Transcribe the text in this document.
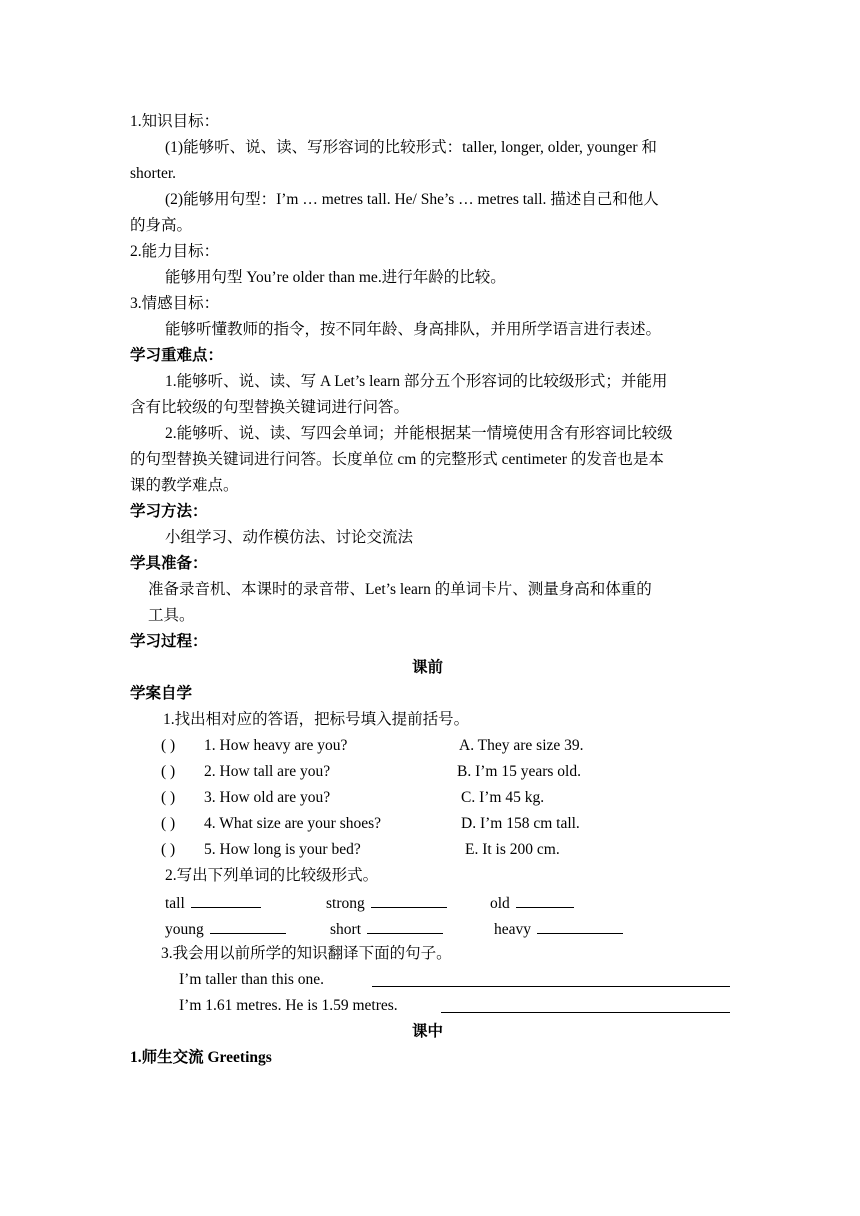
1.知识目标：
(1)能够听、说、读、写形容词的比较形式：taller, longer, older, younger 和
shorter.
(2)能够用句型：I’m … metres tall. He/ She’s … metres tall. 描述自己和他人
的身高。
2.能力目标：
能够用句型 You’re older than me.进行年龄的比较。
3.情感目标：
能够听懂教师的指令，按不同年龄、身高排队，并用所学语言进行表述。
学习重难点：
1.能够听、说、读、写 A Let’s learn 部分五个形容词的比较级形式；并能用
含有比较级的句型替换关键词进行问答。
2.能够听、说、读、写四会单词；并能根据某一情境使用含有形容词比较级
的句型替换关键词进行问答。长度单位 cm 的完整形式 centimeter 的发音也是本
课的教学难点。
学习方法：
小组学习、动作模仿法、讨论交流法
学具准备：
准备录音机、本课时的录音带、Let’s learn 的单词卡片、测量身高和体重的
工具。
学习过程：
课前
学案自学
1.找出相对应的答语，把标号填入提前括号。
( ) 1. How heavy are you?	A. They are size 39.
( ) 2. How tall are you?	B. I’m 15 years old.
( ) 3. How old are you?	C. I’m 45 kg.
( ) 4. What size are your shoes?	D. I’m 158 cm tall.
( ) 5. How long is your bed?	E. It is 200 cm.
2.写出下列单词的比较级形式。
tall	strong	old
young	short	heavy
3.我会用以前所学的知识翻译下面的句子。
I’m taller than this one.
I’m 1.61 metres. He is 1.59 metres.
课中
1.师生交流 Greetings
